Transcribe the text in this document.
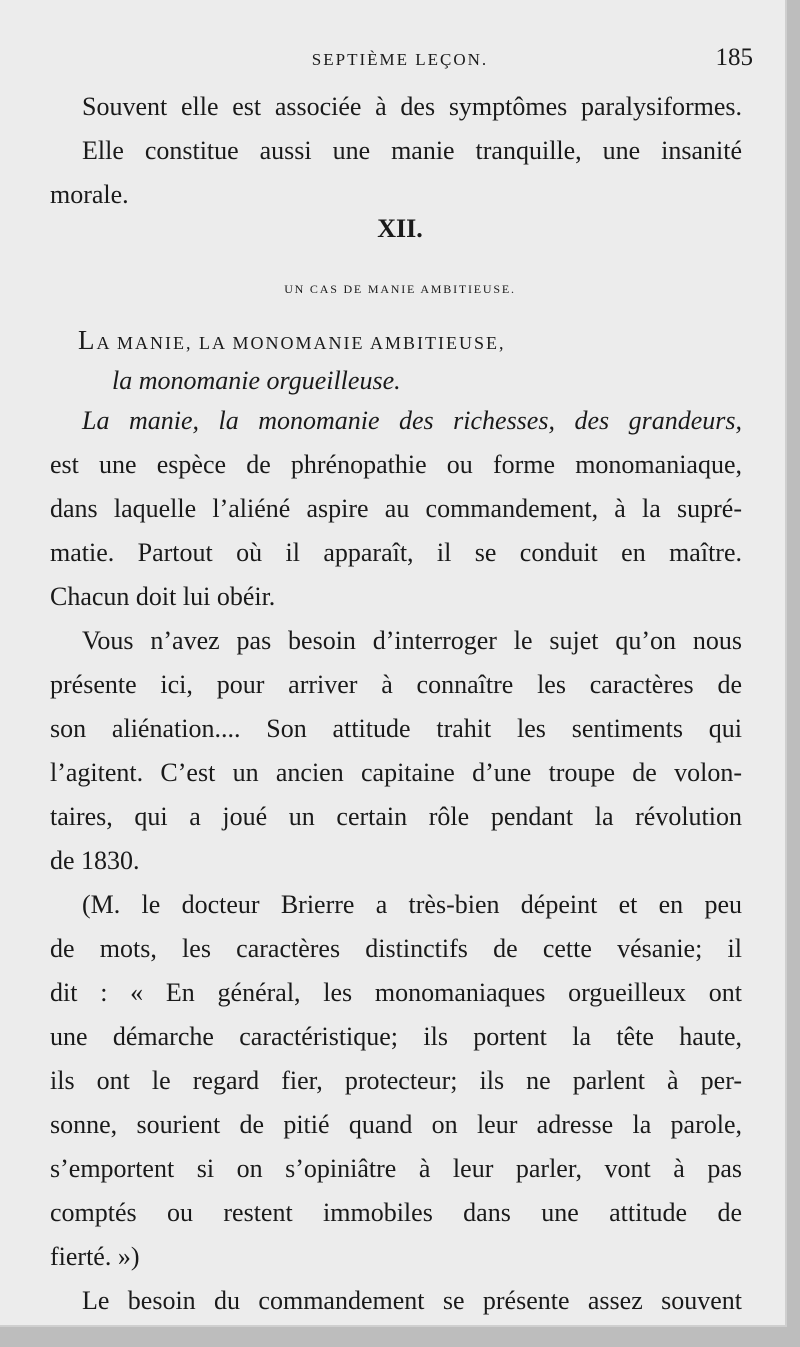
SEPTIÈME LEÇON.	185
Souvent elle est associée à des symptômes paralysiformes.
Elle constitue aussi une manie tranquille, une insanité
morale.
La manie, la monomanie des richesses, des grandeurs,
est une espèce de phrénopathie ou forme monomaniaque,
dans laquelle l’aliéné aspire au commandement, à la supré-
matie. Partout où il apparaît, il se conduit en maître.
Chacun doit lui obéir.
Vous n’avez pas besoin d’interroger le sujet qu’on nous
présente ici, pour arriver à connaître les caractères de
son aliénation.... Son attitude trahit les sentiments qui
l’agitent. C’est un ancien capitaine d’une troupe de volon-
taires, qui a joué un certain rôle pendant la révolution
de 1830.
(M. le docteur Brierre a très-bien dépeint et en peu
de mots, les caractères distinctifs de cette vésanie; il
dit : « En général, les monomaniaques orgueilleux ont
une démarche caractéristique; ils portent la tête haute,
ils ont le regard fier, protecteur; ils ne parlent à per-
sonne, sourient de pitié quand on leur adresse la parole,
s’emportent si on s’opiniâtre à leur parler, vont à pas
comptés ou restent immobiles dans une attitude de
fierté. »)
Le besoin du commandement se présente assez souvent
XII.
UN CAS DE MANIE AMBITIEUSE.
LA MANIE, LA MONOMANIE AMBITIEUSE,
la monomanie orgueilleuse.
